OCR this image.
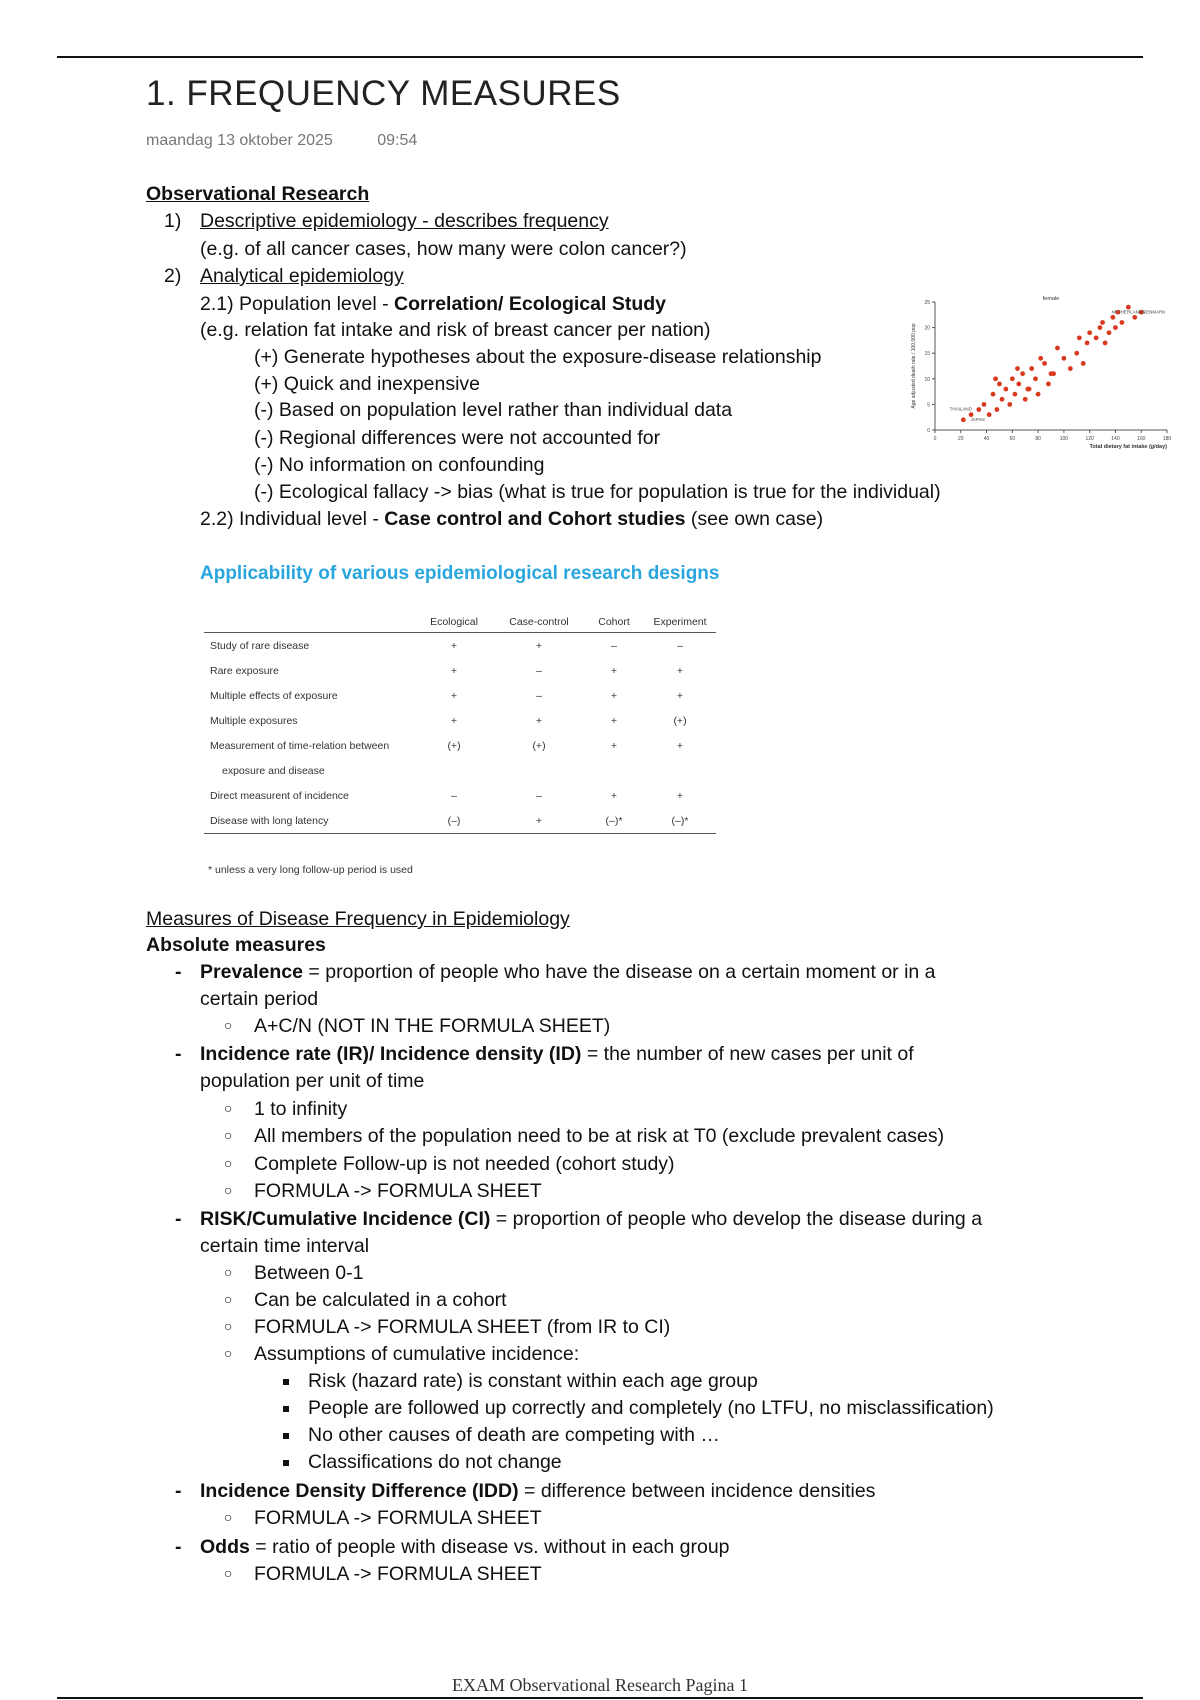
1. FREQUENCY MEASURES
maandag 13 oktober 2025	09:54
Observational Research
1) Descriptive epidemiology - describes frequency
(e.g. of all cancer cases, how many were colon cancer?)
2) Analytical epidemiology
2.1) Population level - Correlation/ Ecological Study
(e.g. relation fat intake and risk of breast cancer per nation)
(+) Generate hypotheses about the exposure-disease relationship
(+) Quick and inexpensive
(-) Based on population level rather than individual data
(-) Regional differences were not accounted for
(-) No information on confounding
(-) Ecological fallacy -> bias (what is true for population is true for the individual)
2.2) Individual level - Case control and Cohort studies (see own case)
0
5
10
15
20
25
0	20	40	60	80	100	120	140	160	180
female
Total dietary fat intake (g/day)
Age adjusted death rate / 100,000 pop
NETHERLANDS
DENMARK
THAILAND
JAPAN
Applicability of various epidemiological research designs
	Ecological	Case-control	Cohort	Experiment
Study of rare disease	+	+	–	–
Rare exposure	+	–	+	+
Multiple effects of exposure	+	–	+	+
Multiple exposures	+	+	+	(+)
Measurement of time-relation between	(+)	(+)	+	+
exposure and disease				
Direct measurent of incidence	–	–	+	+
Disease with long latency	(–)	+	(–)*	(–)*
* unless a very long follow-up period is used
Measures of Disease Frequency in Epidemiology
Absolute measures
- Prevalence = proportion of people who have the disease on a certain moment or in a
certain period
○ A+C/N (NOT IN THE FORMULA SHEET)
- Incidence rate (IR)/ Incidence density (ID) = the number of new cases per unit of
population per unit of time
○ 1 to infinity
○ All members of the population need to be at risk at T0 (exclude prevalent cases)
○ Complete Follow-up is not needed (cohort study)
○ FORMULA -> FORMULA SHEET
- RISK/Cumulative Incidence (CI) = proportion of people who develop the disease during a
certain time interval
○ Between 0-1
○ Can be calculated in a cohort
○ FORMULA -> FORMULA SHEET (from IR to CI)
○ Assumptions of cumulative incidence:
Risk (hazard rate) is constant within each age group
People are followed up correctly and completely (no LTFU, no misclassification)
No other causes of death are competing with …
Classifications do not change
- Incidence Density Difference (IDD) = difference between incidence densities
○ FORMULA -> FORMULA SHEET
- Odds = ratio of people with disease vs. without in each group
○ FORMULA -> FORMULA SHEET
EXAM Observational Research Pagina 1
